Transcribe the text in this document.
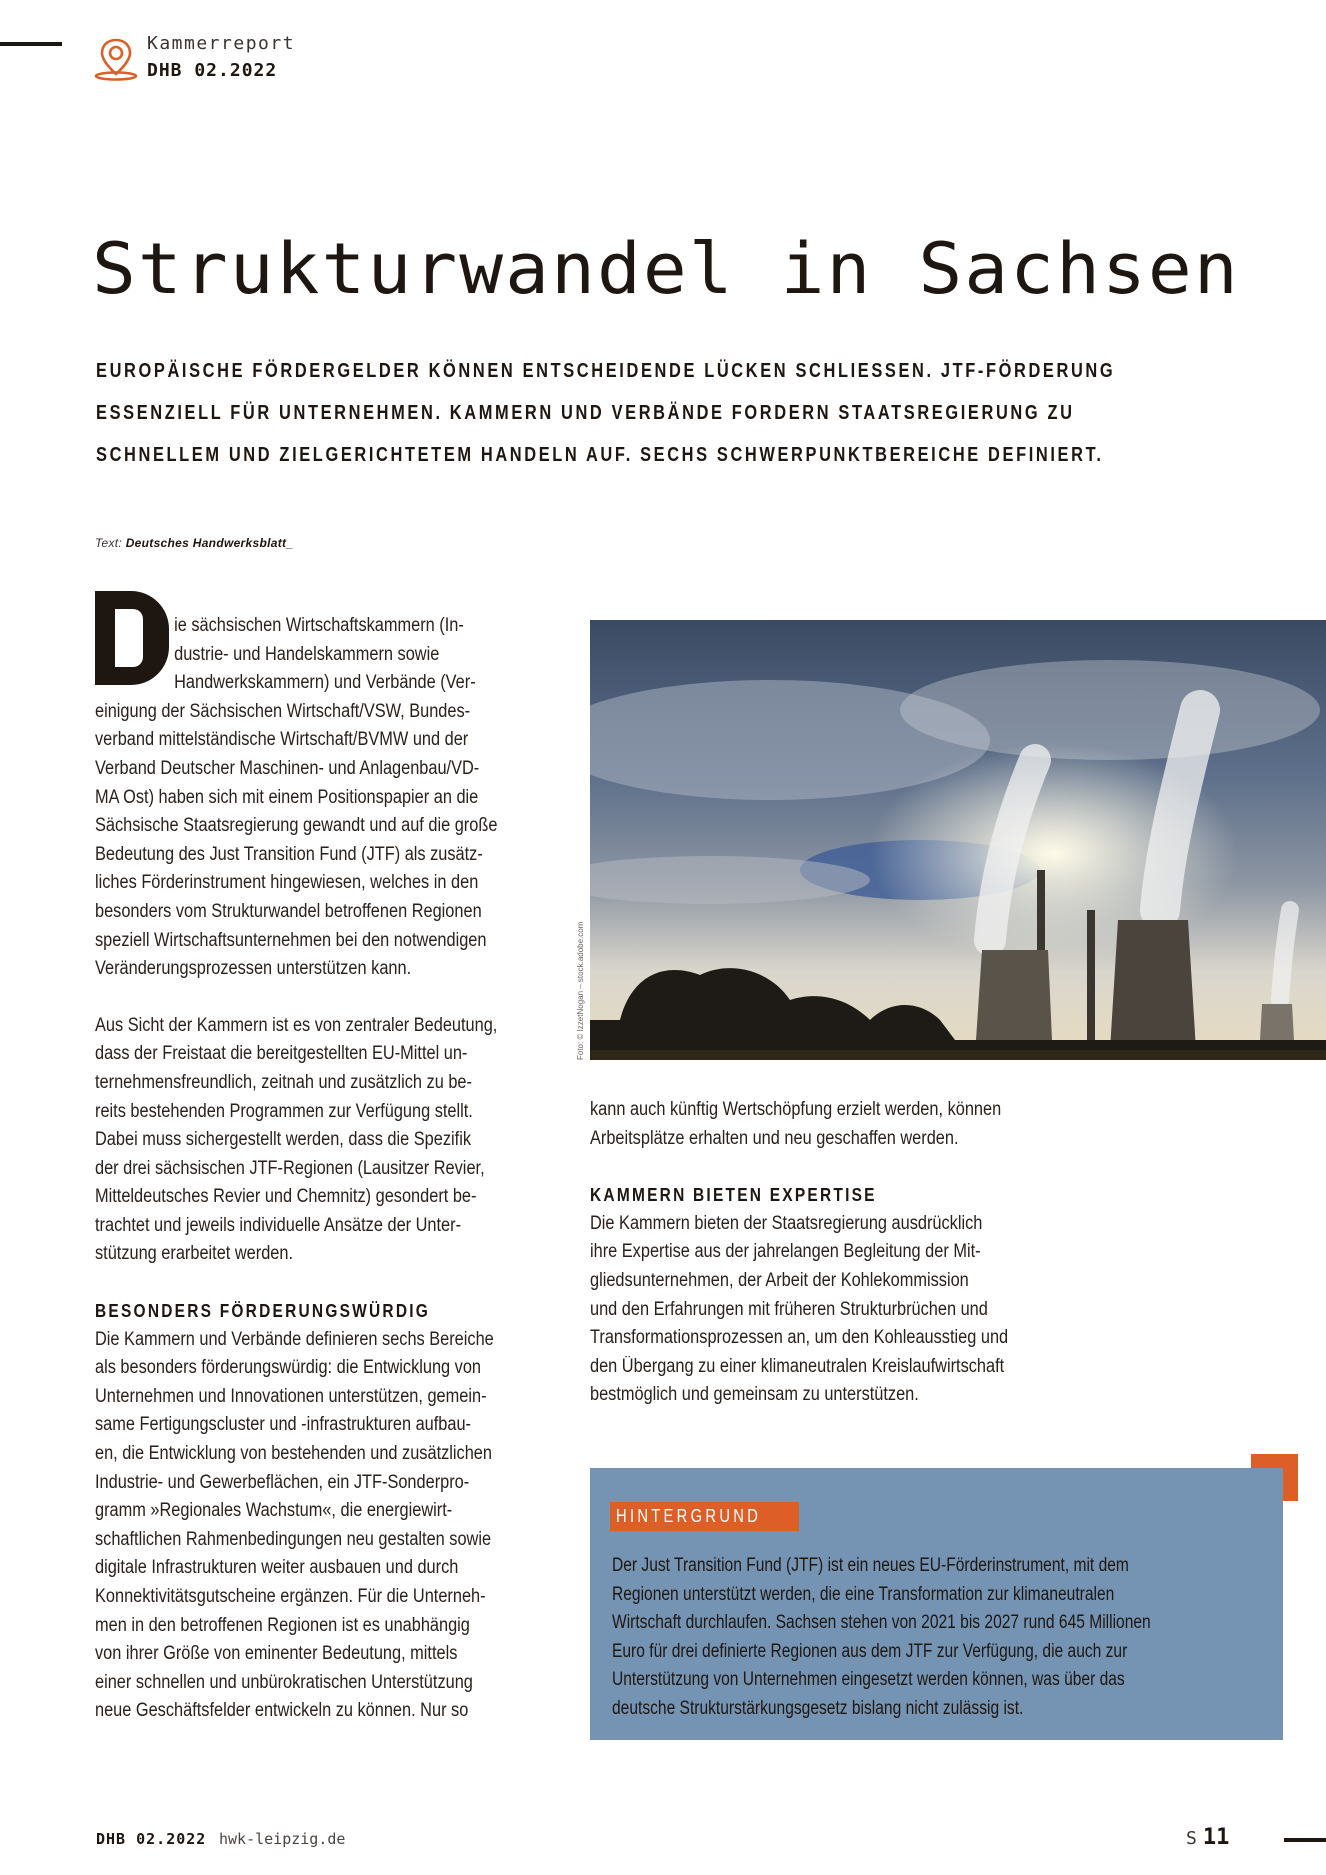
Kammerreport
DHB 02.2022
Strukturwandel in Sachsen
EUROPÄISCHE FÖRDERGELDER KÖNNEN ENTSCHEIDENDE LÜCKEN SCHLIESSEN. JTF-FÖRDERUNG
ESSENZIELL FÜR UNTERNEHMEN. KAMMERN UND VERBÄNDE FORDERN STAATSREGIERUNG ZU
SCHNELLEM UND ZIELGERICHTETEM HANDELN AUF. SECHS SCHWERPUNKTBEREICHE DEFINIERT.
Text: Deutsches Handwerksblatt_

ie sächsischen Wirtschaftskammern (In-
dustrie- und Handelskammern sowie
Handwerkskammern) und Verbände (Ver-
einigung der Sächsischen Wirtschaft/VSW, Bundes-
verband mittelständische Wirtschaft/BVMW und der
Verband Deutscher Maschinen- und Anlagenbau/VD-
MA Ost) haben sich mit einem Positionspapier an die
Sächsische Staatsregierung gewandt und auf die große
Bedeutung des Just Transition Fund (JTF) als zusätz-
liches Förderinstrument hingewiesen, welches in den
besonders vom Strukturwandel betroffenen Regionen
speziell Wirtschaftsunternehmen bei den notwendigen
Veränderungsprozessen unterstützen kann.

Aus Sicht der Kammern ist es von zentraler Bedeutung,
dass der Freistaat die bereitgestellten EU-Mittel un-
ternehmensfreundlich, zeitnah und zusätzlich zu be-
reits bestehenden Programmen zur Verfügung stellt.
Dabei muss sichergestellt werden, dass die Spezifik
der drei sächsischen JTF-Regionen (Lausitzer Revier,
Mitteldeutsches Revier und Chemnitz) gesondert be-
trachtet und jeweils individuelle Ansätze der Unter-
stützung erarbeitet werden.

BESONDERS FÖRDERUNGSWÜRDIG

Die Kammern und Verbände definieren sechs Bereiche
als besonders förderungswürdig: die Entwicklung von
Unternehmen und Innovationen unterstützen, gemein-
same Fertigungscluster und -infrastrukturen aufbau-
en, die Entwicklung von bestehenden und zusätzlichen
Industrie- und Gewerbeflächen, ein JTF-Sonderpro-
gramm »Regionales Wachstum«, die energiewirt-
schaftlichen Rahmenbedingungen neu gestalten sowie
digitale Infrastrukturen weiter ausbauen und durch
Konnektivitätsgutscheine ergänzen. Für die Unterneh-
men in den betroffenen Regionen ist es unabhängig
von ihrer Größe von eminenter Bedeutung, mittels
einer schnellen und unbürokratischen Unterstützung
neue Geschäftsfelder entwickeln zu können. Nur so

Foto: © IzzetNogan – stock.adobe.com

kann auch künftig Wertschöpfung erzielt werden, können
Arbeitsplätze erhalten und neu geschaffen werden.

KAMMERN BIETEN EXPERTISE

Die Kammern bieten der Staatsregierung ausdrücklich
ihre Expertise aus der jahrelangen Begleitung der Mit-
gliedsunternehmen, der Arbeit der Kohlekommission
und den Erfahrungen mit früheren Strukturbrüchen und
Transformationsprozessen an, um den Kohleausstieg und
den Übergang zu einer klimaneutralen Kreislaufwirtschaft
bestmöglich und gemeinsam zu unterstützen.

HINTERGRUND
Der Just Transition Fund (JTF) ist ein neues EU-Förderinstrument, mit dem
Regionen unterstützt werden, die eine Transformation zur klimaneutralen
Wirtschaft durchlaufen. Sachsen stehen von 2021 bis 2027 rund 645 Millionen
Euro für drei definierte Regionen aus dem JTF zur Verfügung, die auch zur
Unterstützung von Unternehmen eingesetzt werden können, was über das
deutsche Strukturstärkungsgesetz bislang nicht zulässig ist.
DHB 02.2022 hwk-leipzig.de	S 11
